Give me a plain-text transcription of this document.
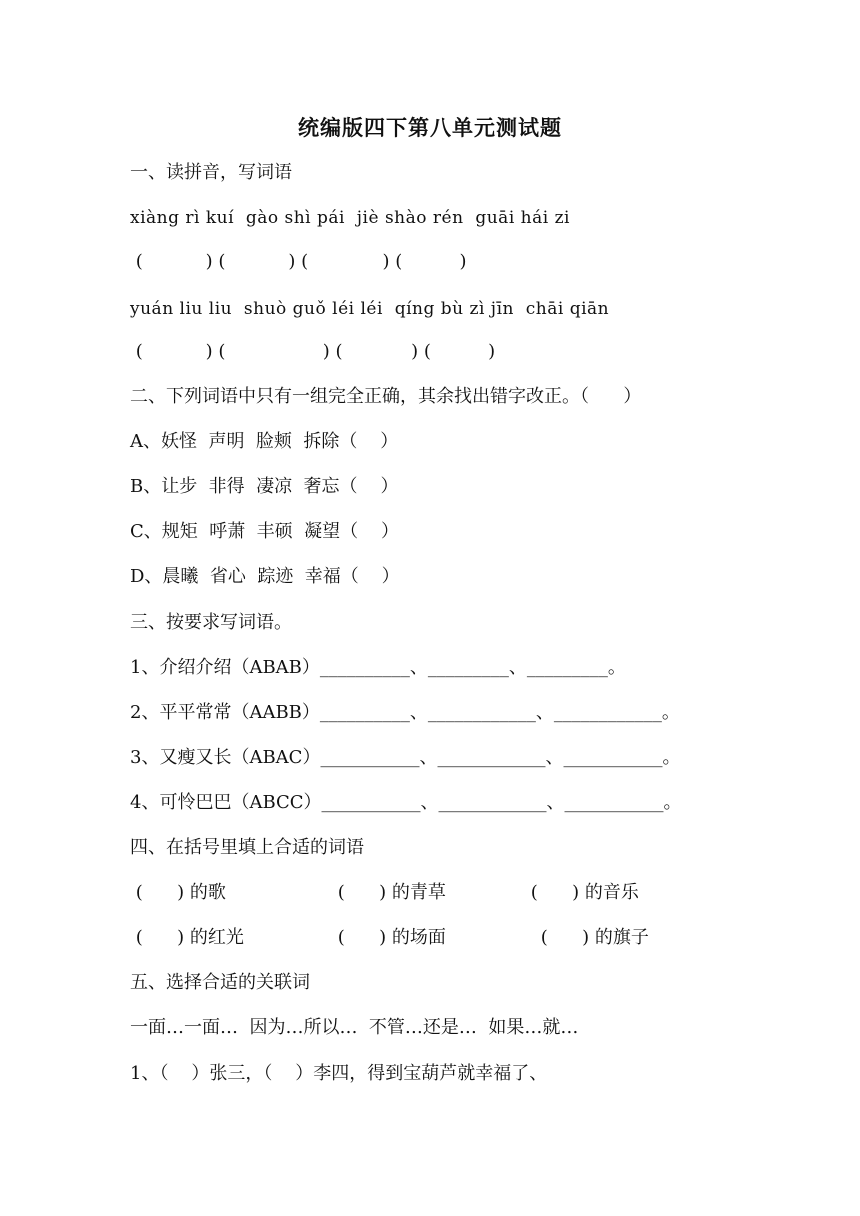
统编版四下第八单元测试题
一、读拼音，写词语
xiàng rì kuí  gào shì pái  jiè shào rén  guāi hái zi
(           ) (           ) (             ) (          )
yuán liu liu  shuò guǒ léi léi  qíng bù zì jīn  chāi qiān
(           ) (                 ) (            ) (          )
二、下列词语中只有一组完全正确，其余找出错字改正。（      ）
A、妖怪  声明  脸颊  拆除（    ）
B、让步  非得  凄凉  奢忘（    ）
C、规矩  呼萧  丰硕  凝望（    ）
D、晨曦  省心  踪迹  幸福（    ）
三、按要求写词语。
1、介绍介绍（ABAB）__________、_________、_________。
2、平平常常（AABB）__________、____________、____________。
3、又瘦又长（ABAC）___________、____________、___________。
4、可怜巴巴（ABCC）___________、____________、___________。
四、在括号里填上合适的词语
(      ) 的歌	(      ) 的青草	(      ) 的音乐
(      ) 的红光	(      ) 的场面	(      ) 的旗子
五、选择合适的关联词
一面…一面…  因为…所以…  不管…还是…  如果…就…
1、（    ）张三，（    ）李四，得到宝葫芦就幸福了、
